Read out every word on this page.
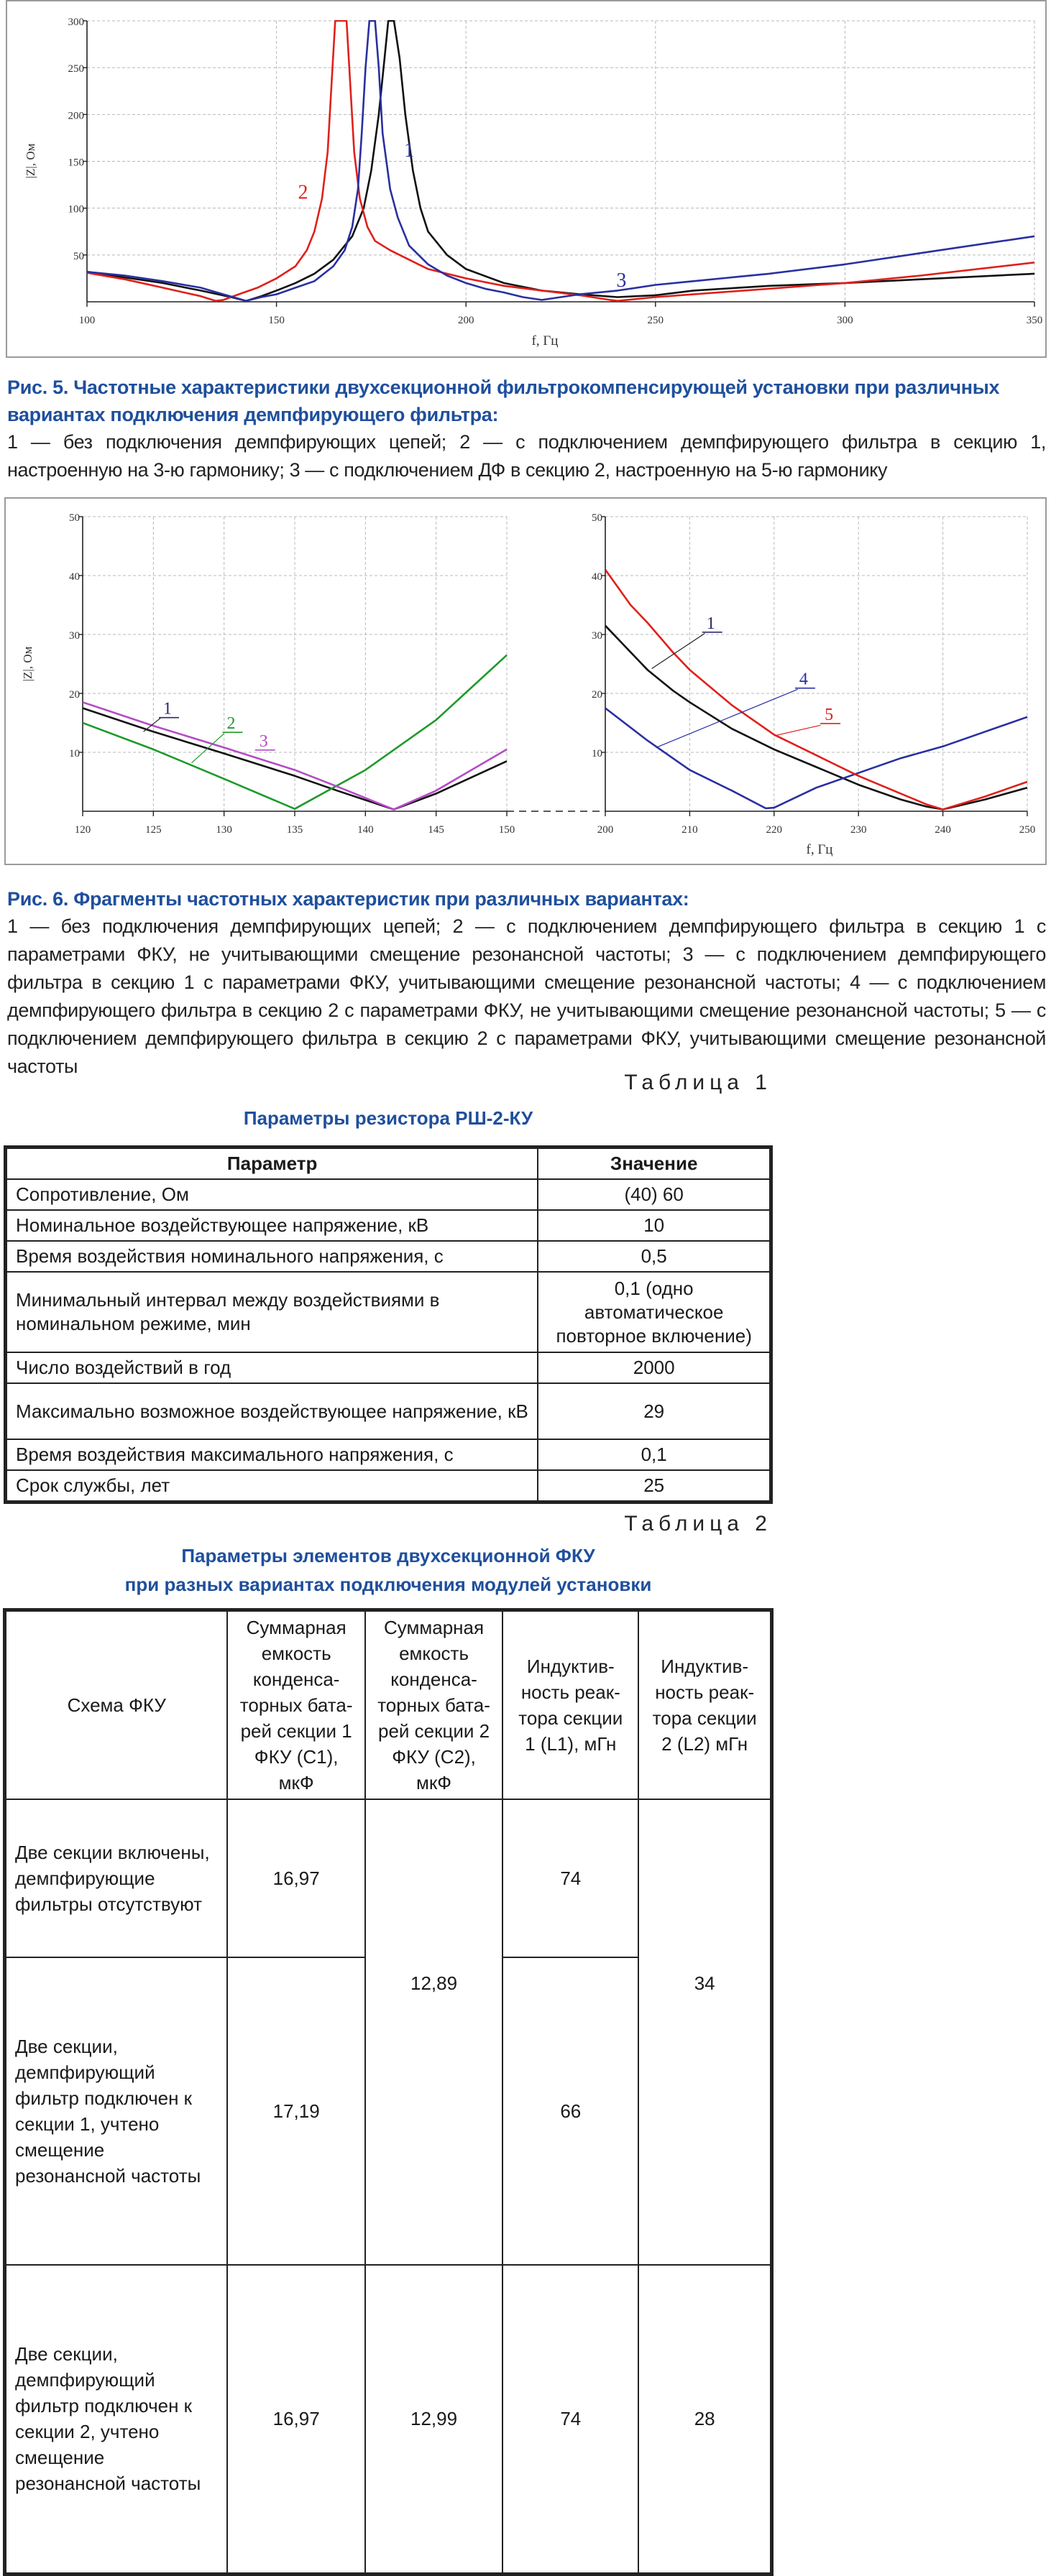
100	150	200	250	300	350
50
100
150
200
250
300
1
2
3
|Z|, Ом
f, Гц
Рис. 5. Частотные характеристики двухсекционной фильтрокомпенсирующей установки при различных вариантах подключения демпфирующего фильтра:
1 — без подключения демпфирующих цепей; 2 — с подключением демпфирующего фильтра в секцию 1, настроенную на 3-ю гармонику; 3 — с подключением ДФ в секцию 2, настроенную на 5-ю гармонику
120	125	130	135	140	145	150
10
20
30
40
50
1
2
3
200	210	220	230	240	250
10
20
30
40
50
1
4
5
|Z|, Ом
f, Гц
Рис. 6. Фрагменты частотных характеристик при различных вариантах:
1 — без подключения демпфирующих цепей; 2 — с подключением демпфирующего фильтра в секцию 1 с параметрами ФКУ, не учитывающими смещение резонансной частоты; 3 — с подключением демпфирующего фильтра в секцию 1 с параметрами ФКУ, учитывающими смещение резонансной частоты; 4 — с подключением демпфирующего фильтра в секцию 2 с параметрами ФКУ, не учитывающими смещение резонансной частоты; 5 — с подключением демпфирующего фильтра в секцию 2 с параметрами ФКУ, учитывающими смещение резонансной частоты
Таблица 1
Параметры резистора РШ-2-КУ
Параметр	Значение
Сопротивление, Ом	(40) 60
Номинальное воздействующее напряжение, кВ	10
Время воздействия номинального напряжения, с	0,5
Минимальный интервал между воздействиями в номинальном режиме, мин	0,1 (одно автоматическое повторное включение)
Число воздействий в год	2000
Максимально возможное воздействующее напряжение, кВ	29
Время воздействия максимального напряжения, с	0,1
Срок службы, лет	25
Таблица 2
Параметры элементов двухсекционной ФКУ
при разных вариантах подключения модулей установки
Схема ФКУ	Суммарная емкость конденса-торных бата-рей секции 1 ФКУ (С1), мкФ	Суммарная емкость конденса-торных бата-рей секции 2 ФКУ (С2), мкФ	Индуктив-ность реак-тора секции 1 (L1), мГн	Индуктив-ность реак-тора секции 2 (L2) мГн
Две секции включены, демпфирующие фильтры отсутствуют	16,97	12,89	74	34
Две секции, демпфирующий фильтр подключен к секции 1, учтено смещение резонансной частоты	17,19		66	
Две секции, демпфирующий фильтр подключен к секции 2, учтено смещение резонансной частоты	16,97	12,99	74	28
